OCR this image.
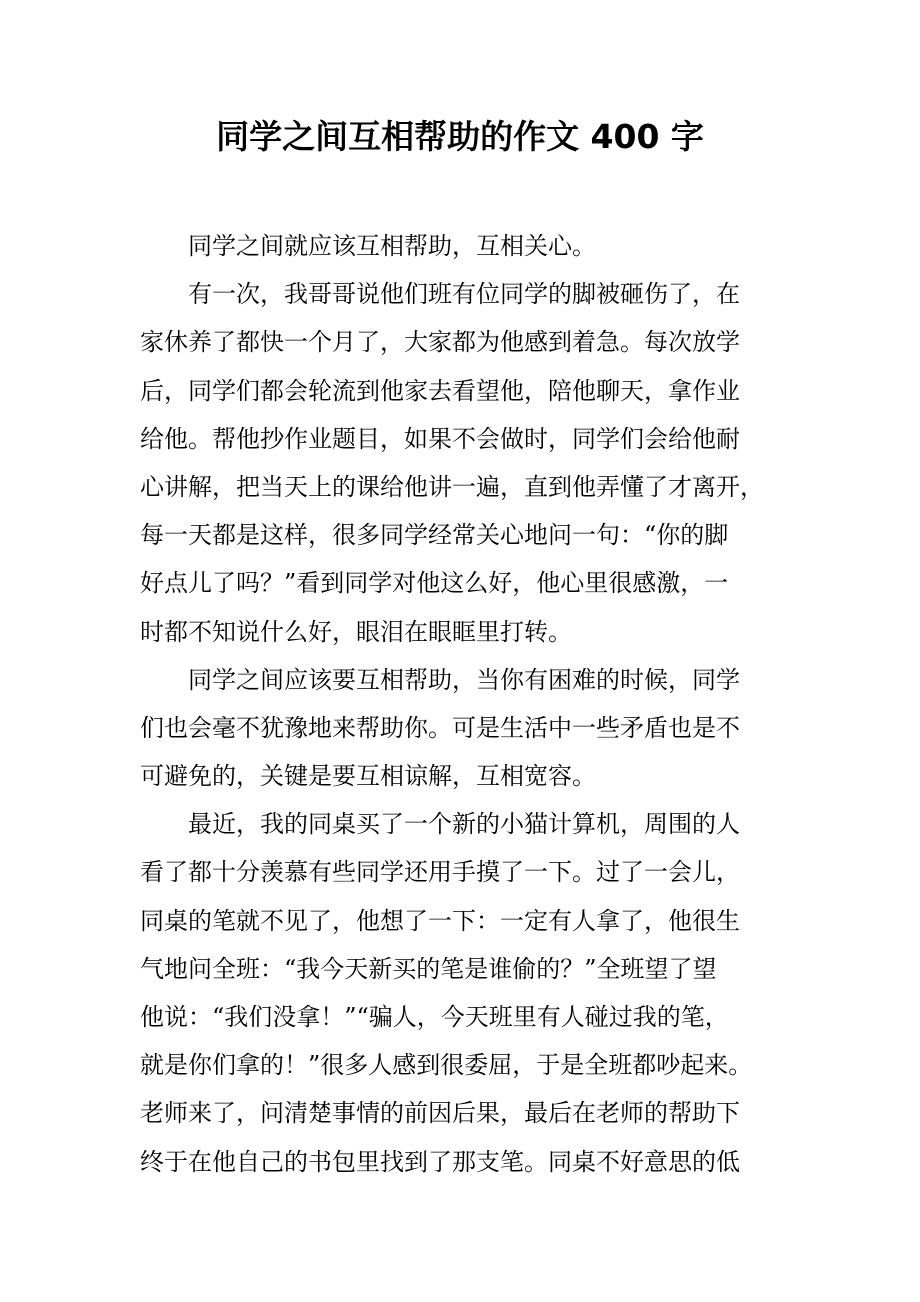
同学之间互相帮助的作文 400 字

同学之间就应该互相帮助，互相关心。

有一次，我哥哥说他们班有位同学的脚被砸伤了，在
家休养了都快一个月了，大家都为他感到着急。每次放学
后，同学们都会轮流到他家去看望他，陪他聊天，拿作业
给他。帮他抄作业题目，如果不会做时，同学们会给他耐
心讲解，把当天上的课给他讲一遍，直到他弄懂了才离开，
每一天都是这样，很多同学经常关心地问一句：“你的脚
好点儿了吗？”看到同学对他这么好，他心里很感激，一
时都不知说什么好，眼泪在眼眶里打转。

同学之间应该要互相帮助，当你有困难的时候，同学
们也会毫不犹豫地来帮助你。可是生活中一些矛盾也是不
可避免的，关键是要互相谅解，互相宽容。

最近，我的同桌买了一个新的小猫计算机，周围的人
看了都十分羡慕有些同学还用手摸了一下。过了一会儿，
同桌的笔就不见了，他想了一下：一定有人拿了，他很生
气地问全班：“我今天新买的笔是谁偷的？”全班望了望
他说：“我们没拿！”“骗人，今天班里有人碰过我的笔，
就是你们拿的！”很多人感到很委屈，于是全班都吵起来。
老师来了，问清楚事情的前因后果，最后在老师的帮助下
终于在他自己的书包里找到了那支笔。同桌不好意思的低
